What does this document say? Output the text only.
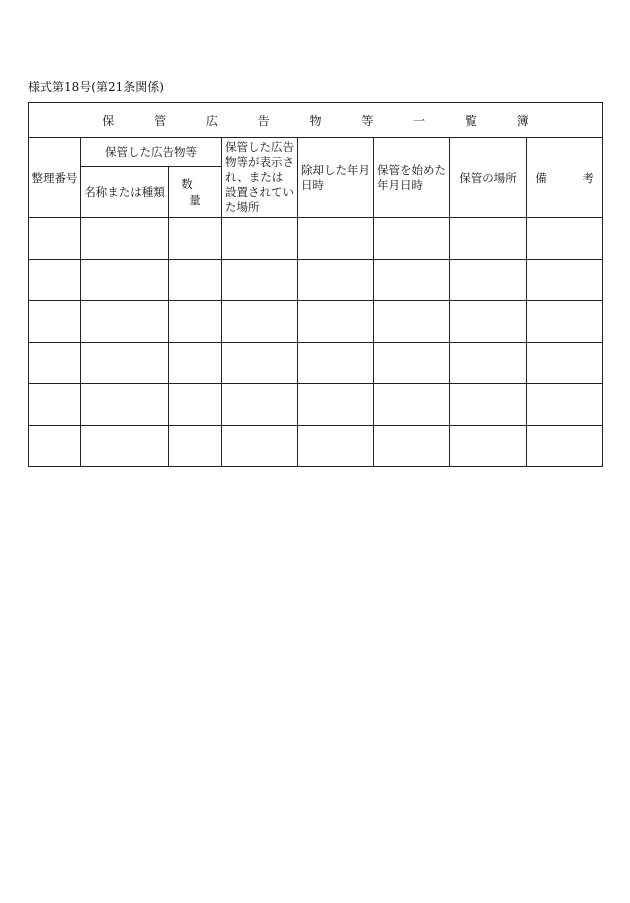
様式第18号(第21条関係)
保 管 広 告 物 等 一 覧 簿							
整理番号	保管した広告物等		保管した広告物等が表示され、または設置されていた場所	除却した年月日時	保管を始めた年月日時	保管の場所	備 考
	名称または種類	数 量					
